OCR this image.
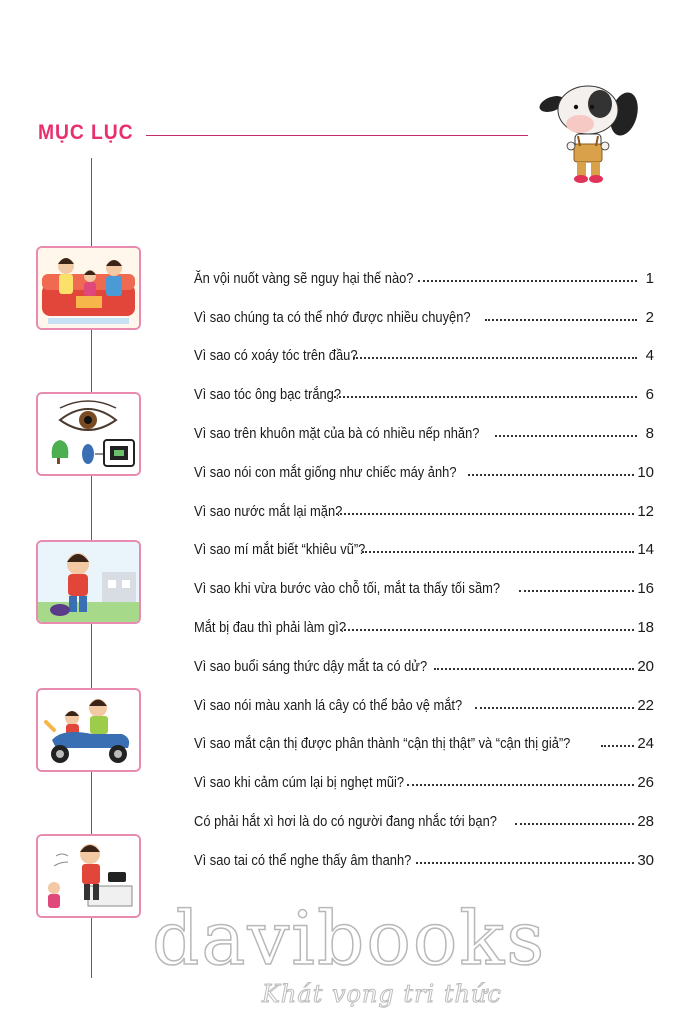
MỤC LỤC
Ăn vội nuốt vàng sẽ nguy hại thế nào?	1
Vì sao chúng ta có thể nhớ được nhiều chuyện?	2
Vì sao có xoáy tóc trên đầu?	4
Vì sao tóc ông bạc trắng?	6
Vì sao trên khuôn mặt của bà có nhiều nếp nhăn?	8
Vì sao nói con mắt giống như chiếc máy ảnh?	10
Vì sao nước mắt lại mặn?	12
Vì sao mí mắt biết “khiêu vũ”?	14
Vì sao khi vừa bước vào chỗ tối, mắt ta thấy tối sầm?	16
Mắt bị đau thì phải làm gì?	18
Vì sao buổi sáng thức dậy mắt ta có dử?	20
Vì sao nói màu xanh lá cây có thể bảo vệ mắt?	22
Vì sao mắt cận thị được phân thành “cận thị thật” và “cận thị giả”?	24
Vì sao khi cảm cúm lại bị nghẹt mũi?	26
Có phải hắt xì hơi là do có người đang nhắc tới bạn?	28
Vì sao tai có thể nghe thấy âm thanh?	30
davibooks
Khát vọng tri thức
